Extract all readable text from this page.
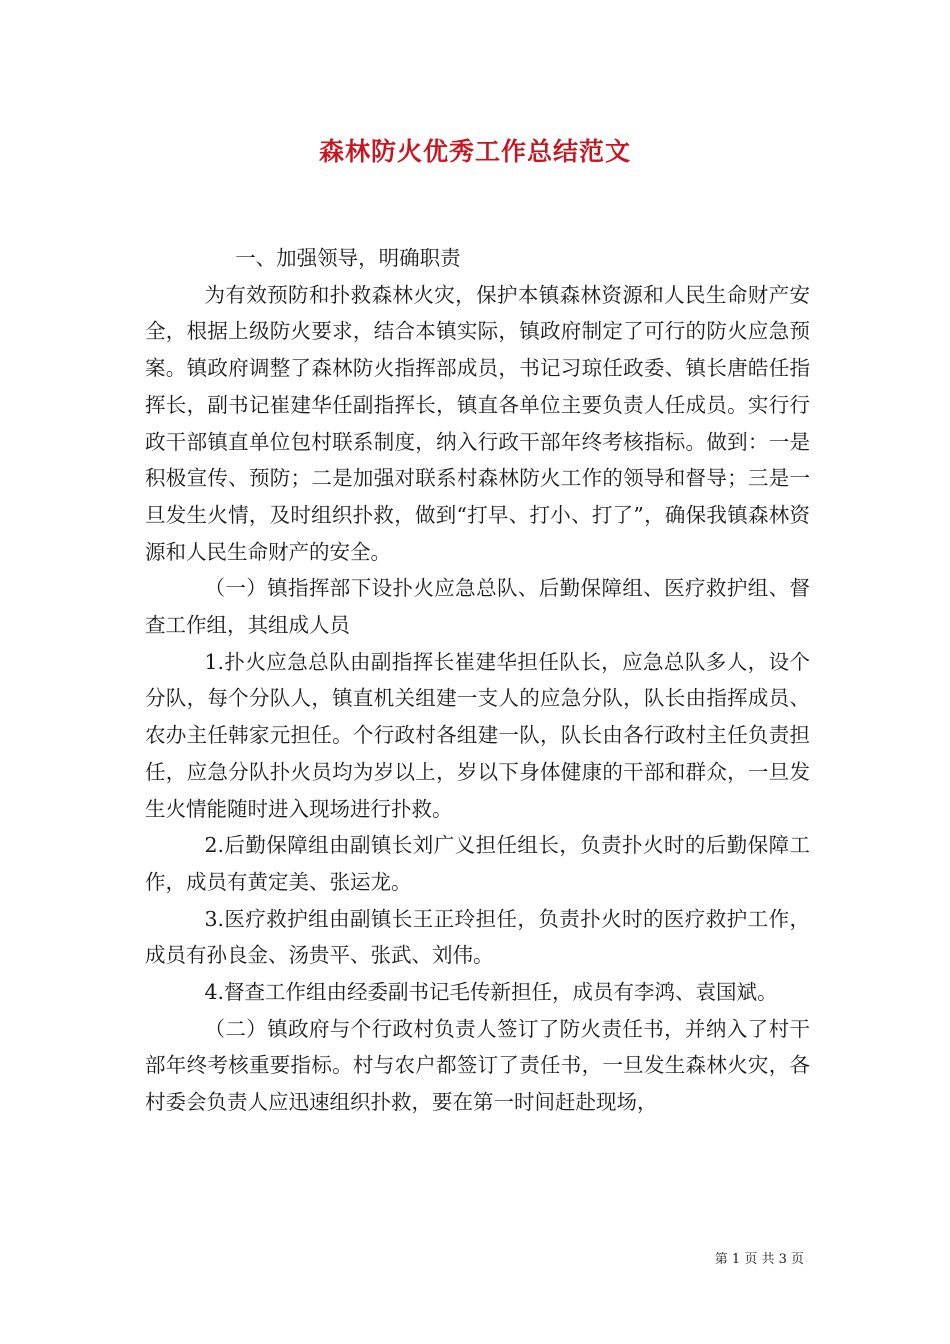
森林防火优秀工作总结范文

一、加强领导，明确职责

为有效预防和扑救森林火灾，保护本镇森林资源和人民生命财产安全，根据上级防火要求，结合本镇实际，镇政府制定了可行的防火应急预案。镇政府调整了森林防火指挥部成员，书记习琼任政委、镇长唐皓任指挥长，副书记崔建华任副指挥长，镇直各单位主要负责人任成员。实行行政干部镇直单位包村联系制度，纳入行政干部年终考核指标。做到：一是积极宣传、预防；二是加强对联系村森林防火工作的领导和督导；三是一旦发生火情，及时组织扑救，做到“打早、打小、打了”，确保我镇森林资源和人民生命财产的安全。

（一）镇指挥部下设扑火应急总队、后勤保障组、医疗救护组、督查工作组，其组成人员

1.扑火应急总队由副指挥长崔建华担任队长，应急总队多人，设个分队，每个分队人，镇直机关组建一支人的应急分队，队长由指挥成员、农办主任韩家元担任。个行政村各组建一队，队长由各行政村主任负责担任，应急分队扑火员均为岁以上，岁以下身体健康的干部和群众，一旦发生火情能随时进入现场进行扑救。

2.后勤保障组由副镇长刘广义担任组长，负责扑火时的后勤保障工作，成员有黄定美、张运龙。

3.医疗救护组由副镇长王正玲担任，负责扑火时的医疗救护工作，成员有孙良金、汤贵平、张武、刘伟。

4.督查工作组由经委副书记毛传新担任，成员有李鸿、袁国斌。

（二）镇政府与个行政村负责人签订了防火责任书，并纳入了村干部年终考核重要指标。村与农户都签订了责任书，一旦发生森林火灾，各村委会负责人应迅速组织扑救，要在第一时间赶赴现场，

第 1 页 共 3 页
